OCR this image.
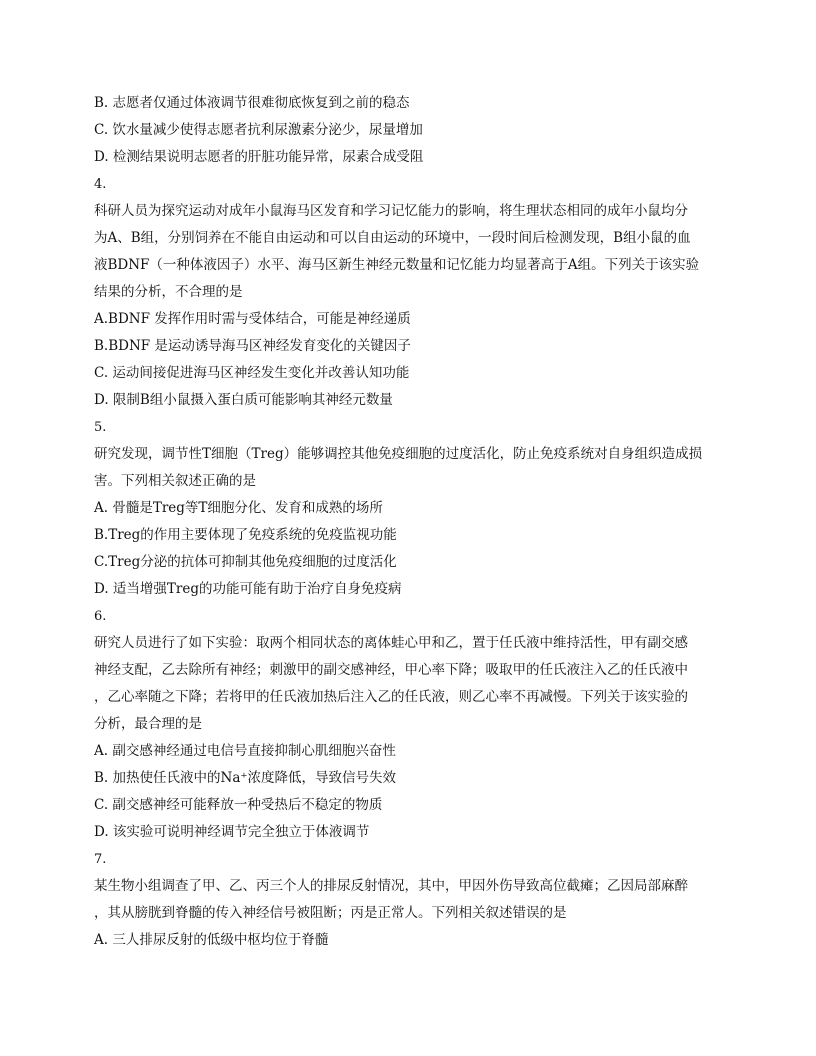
B. 志愿者仅通过体液调节很难彻底恢复到之前的稳态
C. 饮水量减少使得志愿者抗利尿激素分泌少，尿量增加
D. 检测结果说明志愿者的肝脏功能异常，尿素合成受阻
4.
科研人员为探究运动对成年小鼠海马区发育和学习记忆能力的影响，将生理状态相同的成年小鼠均分
为A、B组，分别饲养在不能自由运动和可以自由运动的环境中，一段时间后检测发现，B组小鼠的血
液BDNF（一种体液因子）水平、海马区新生神经元数量和记忆能力均显著高于A组。下列关于该实验
结果的分析，不合理的是
A.BDNF 发挥作用时需与受体结合，可能是神经递质
B.BDNF 是运动诱导海马区神经发育变化的关键因子
C. 运动间接促进海马区神经发生变化并改善认知功能
D. 限制B组小鼠摄入蛋白质可能影响其神经元数量
5.
研究发现，调节性T细胞（Treg）能够调控其他免疫细胞的过度活化，防止免疫系统对自身组织造成损
害。下列相关叙述正确的是
A. 骨髓是Treg等T细胞分化、发育和成熟的场所
B.Treg的作用主要体现了免疫系统的免疫监视功能
C.Treg分泌的抗体可抑制其他免疫细胞的过度活化
D. 适当增强Treg的功能可能有助于治疗自身免疫病
6.
研究人员进行了如下实验：取两个相同状态的离体蛙心甲和乙，置于任氏液中维持活性，甲有副交感
神经支配，乙去除所有神经；刺激甲的副交感神经，甲心率下降；吸取甲的任氏液注入乙的任氏液中
，乙心率随之下降；若将甲的任氏液加热后注入乙的任氏液，则乙心率不再减慢。下列关于该实验的
分析，最合理的是
A. 副交感神经通过电信号直接抑制心肌细胞兴奋性
B. 加热使任氏液中的Na⁺浓度降低，导致信号失效
C. 副交感神经可能释放一种受热后不稳定的物质
D. 该实验可说明神经调节完全独立于体液调节
7.
某生物小组调查了甲、乙、丙三个人的排尿反射情况，其中，甲因外伤导致高位截瘫；乙因局部麻醉
，其从膀胱到脊髓的传入神经信号被阻断；丙是正常人。下列相关叙述错误的是
A. 三人排尿反射的低级中枢均位于脊髓
